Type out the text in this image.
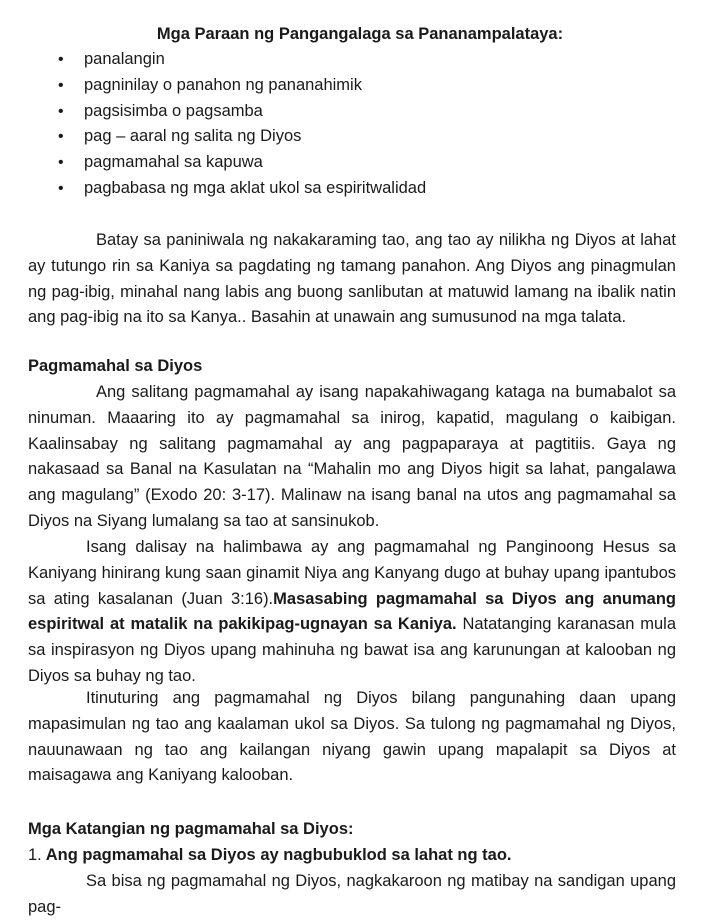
Mga Paraan ng Pangangalaga sa Pananampalataya:
• panalangin
• pagninilay o panahon ng pananahimik
• pagsisimba o pagsamba
• pag – aaral ng salita ng Diyos
• pagmamahal sa kapuwa
• pagbabasa ng mga aklat ukol sa espiritwalidad

Batay sa paniniwala ng nakakaraming tao, ang tao ay nilikha ng Diyos at lahat ay tutungo rin sa Kaniya sa pagdating ng tamang panahon. Ang Diyos ang pinagmulan ng pag-ibig, minahal nang labis ang buong sanlibutan at matuwid lamang na ibalik natin ang pag-ibig na ito sa Kanya.. Basahin at unawain ang sumusunod na mga talata.

Pagmamahal sa Diyos

Ang salitang pagmamahal ay isang napakahiwagang kataga na bumabalot sa ninuman. Maaaring ito ay pagmamahal sa inirog, kapatid, magulang o kaibigan. Kaalinsabay ng salitang pagmamahal ay ang pagpaparaya at pagtitiis. Gaya ng nakasaad sa Banal na Kasulatan na “Mahalin mo ang Diyos higit sa lahat, pangalawa ang magulang” (Exodo 20: 3-17). Malinaw na isang banal na utos ang pagmamahal sa Diyos na Siyang lumalang sa tao at sansinukob.

Isang dalisay na halimbawa ay ang pagmamahal ng Panginoong Hesus sa Kaniyang hinirang kung saan ginamit Niya ang Kanyang dugo at buhay upang ipantubos sa ating kasalanan (Juan 3:16).Masasabing pagmamahal sa Diyos ang anumang espiritwal at matalik na pakikipag-ugnayan sa Kaniya. Natatanging karanasan mula sa inspirasyon ng Diyos upang mahinuha ng bawat isa ang karunungan at kalooban ng Diyos sa buhay ng tao.

Itinuturing ang pagmamahal ng Diyos bilang pangunahing daan upang mapasimulan ng tao ang kaalaman ukol sa Diyos. Sa tulong ng pagmamahal ng Diyos, nauunawaan ng tao ang kailangan niyang gawin upang mapalapit sa Diyos at maisagawa ang Kaniyang kalooban.

Mga Katangian ng pagmamahal sa Diyos:

1. Ang pagmamahal sa Diyos ay nagbubuklod sa lahat ng tao.

Sa bisa ng pagmamahal ng Diyos, nagkakaroon ng matibay na sandigan upang pag-
